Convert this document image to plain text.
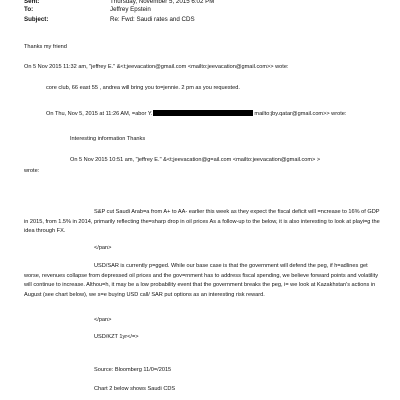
Sent:	Thursday, November 5, 2015 6:02 PM
To:	Jeffrey Epstein
Subject:	Re: Fwd: Saudi rates and CDS
Thanks my friend
On 5 Nov 2015 11:32 am, "jeffrey E." &<t;jeevacation@gmail.com <mailto:jeevacation@gmail.com>> wote:
core club, 66 east 55 , andrea will bring you to=jennie. 2 pm as you requested.
On Thu, Nov 5, 2015 at 11:26 AM, =abor Y.	mailto:jby.qatar@gmail.com>> wrote:
Interesting information Thanks
On 5 Nov 2015 10:51 am, "jeffrey E." &<t;jeevacation@g=ail.com <mailto:jeevacation@gmail.com> >
wrote:
S&P cut Saudi Arab=a from A+ to AA- earlier this week as they expect the fiscal deficit will =ncrease to 16% of GDP in 2015, from 1.5% in 2014, primarily reflecting the=sharp drop in oil prices As a follow-up to the below, it is also interesting to look at playi=g the idea through FX.
</pan>
USD/SAR is currently p=gged. While our base case is that the government will defend the peg, if h=adlines get worse, revenues collapse from depressed oil prices and the gov=rnment has to address fiscal spending, we believe forward points and volatility will continue to increase. Althou=h, it may be a low probability event that the government breaks the peg, i= we look at Kazakhstan's actions in August (see chart below), we s=e buying USD call/ SAR put options as an interesting risk reward.
</pan>
USD/KZT 1yr</=>
Source: Bloomberg 11/0=/2015
Chart 2 below shows Saudi CDS
